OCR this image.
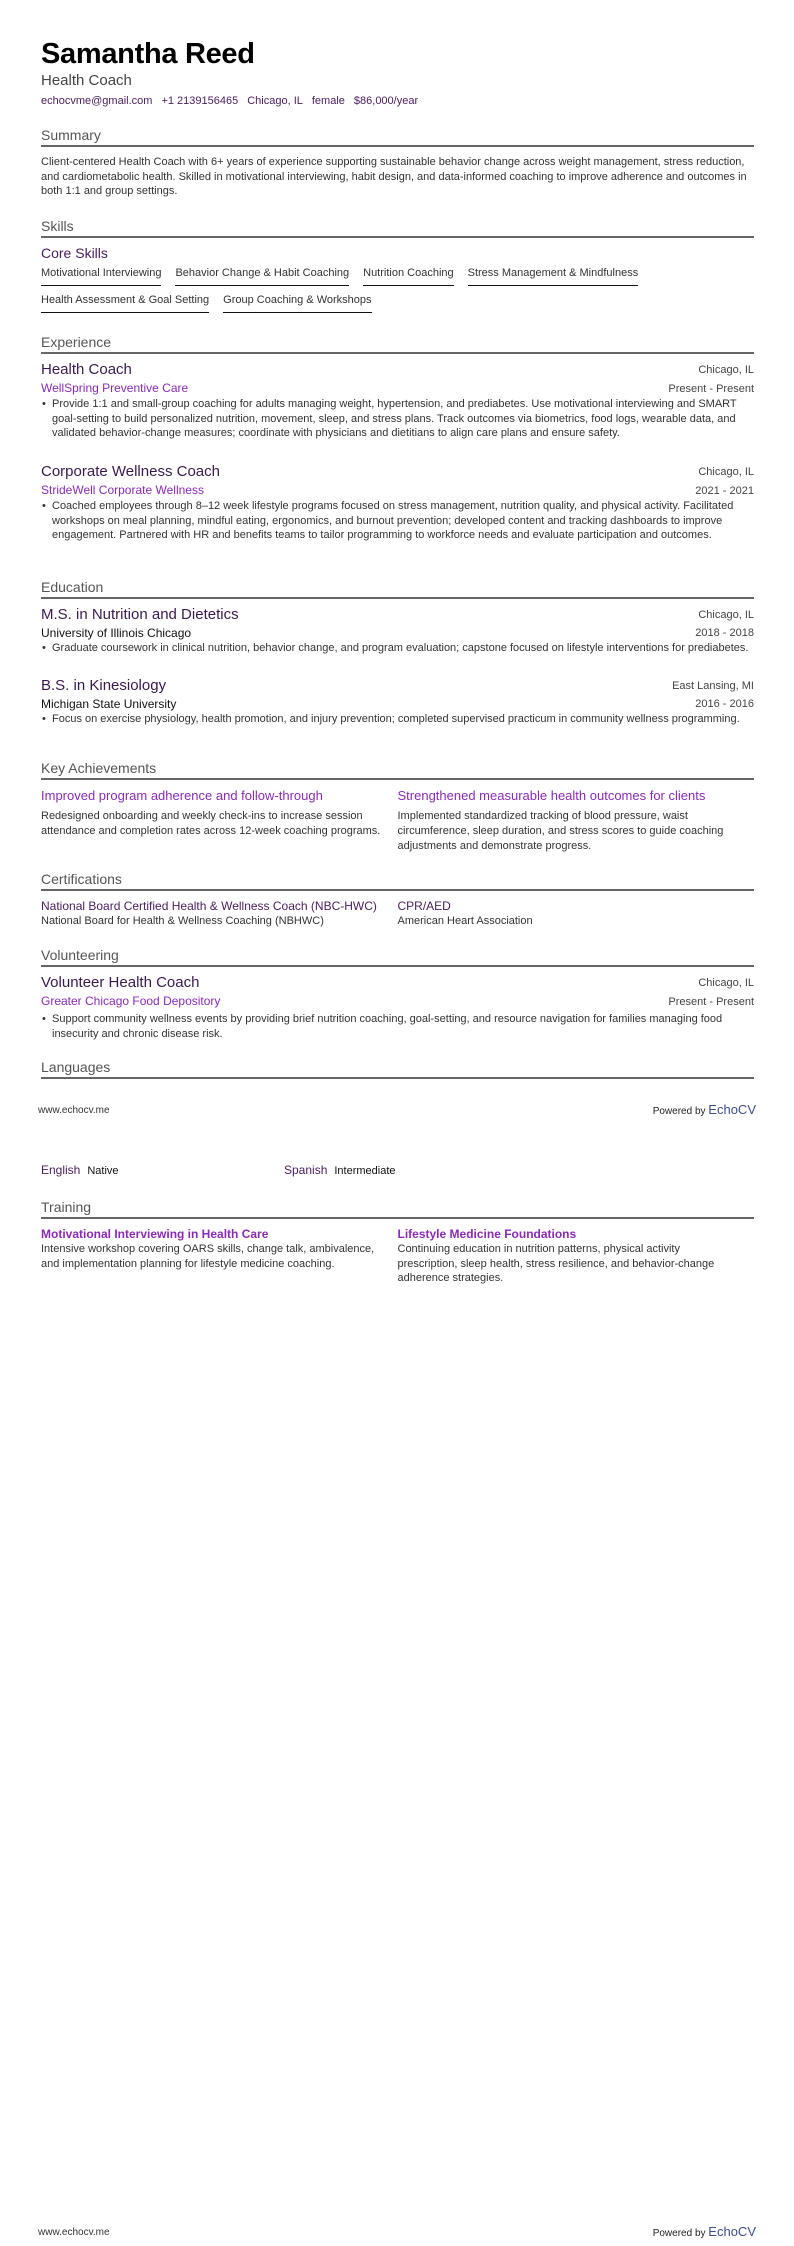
Samantha Reed
Health Coach
echocvme@gmail.com +1 2139156465 Chicago, IL female $86,000/year
Summary
Client-centered Health Coach with 6+ years of experience supporting sustainable behavior change across weight management, stress reduction, and cardiometabolic health. Skilled in motivational interviewing, habit design, and data-informed coaching to improve adherence and outcomes in both 1:1 and group settings.
Skills
Core Skills
Motivational Interviewing Behavior Change & Habit Coaching Nutrition Coaching Stress Management & Mindfulness
Health Assessment & Goal Setting Group Coaching & Workshops
Experience
Health Coach	Chicago, IL
WellSpring Preventive Care	Present - Present
• Provide 1:1 and small-group coaching for adults managing weight, hypertension, and prediabetes. Use motivational interviewing and SMART goal-setting to build personalized nutrition, movement, sleep, and stress plans. Track outcomes via biometrics, food logs, wearable data, and validated behavior-change measures; coordinate with physicians and dietitians to align care plans and ensure safety.
Corporate Wellness Coach	Chicago, IL
StrideWell Corporate Wellness	2021 - 2021
• Coached employees through 8–12 week lifestyle programs focused on stress management, nutrition quality, and physical activity. Facilitated workshops on meal planning, mindful eating, ergonomics, and burnout prevention; developed content and tracking dashboards to improve engagement. Partnered with HR and benefits teams to tailor programming to workforce needs and evaluate participation and outcomes.
Education
M.S. in Nutrition and Dietetics	Chicago, IL
University of Illinois Chicago	2018 - 2018
• Graduate coursework in clinical nutrition, behavior change, and program evaluation; capstone focused on lifestyle interventions for prediabetes.
B.S. in Kinesiology	East Lansing, MI
Michigan State University	2016 - 2016
• Focus on exercise physiology, health promotion, and injury prevention; completed supervised practicum in community wellness programming.
Key Achievements
Improved program adherence and follow-through
Redesigned onboarding and weekly check-ins to increase session attendance and completion rates across 12-week coaching programs.
Strengthened measurable health outcomes for clients
Implemented standardized tracking of blood pressure, waist circumference, sleep duration, and stress scores to guide coaching adjustments and demonstrate progress.
Certifications
National Board Certified Health & Wellness Coach (NBC-HWC)
National Board for Health & Wellness Coaching (NBHWC)
CPR/AED
American Heart Association
Volunteering
Volunteer Health Coach	Chicago, IL
Greater Chicago Food Depository	Present - Present
• Support community wellness events by providing brief nutrition coaching, goal-setting, and resource navigation for families managing food insecurity and chronic disease risk.
Languages
www.echocv.me	Powered by EchoCV
English Native	Spanish Intermediate
Training
Motivational Interviewing in Health Care
Intensive workshop covering OARS skills, change talk, ambivalence, and implementation planning for lifestyle medicine coaching.
Lifestyle Medicine Foundations
Continuing education in nutrition patterns, physical activity prescription, sleep health, stress resilience, and behavior-change adherence strategies.
www.echocv.me	Powered by EchoCV
